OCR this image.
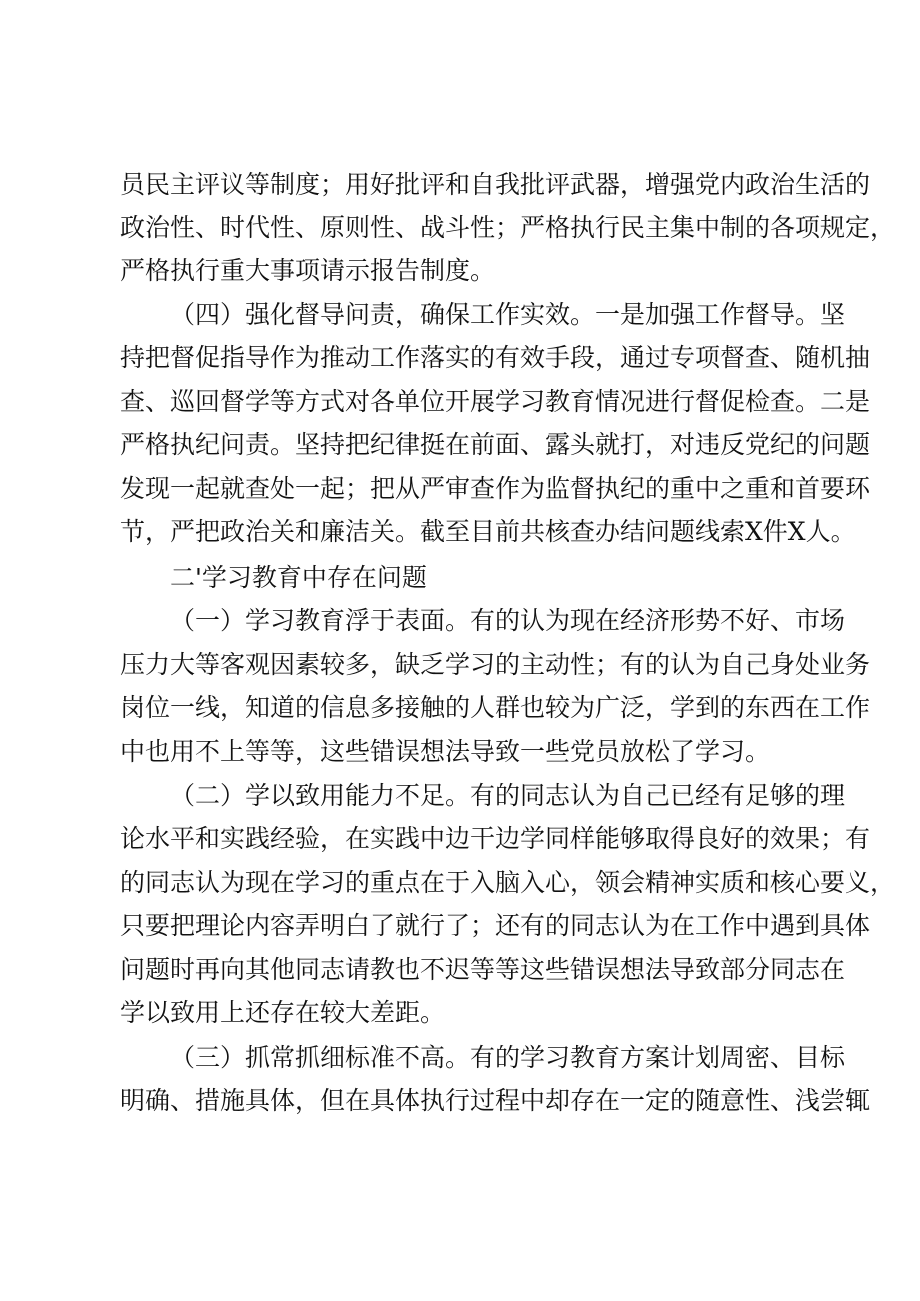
员民主评议等制度；用好批评和自我批评武器，增强党内政治生活的
政治性、时代性、原则性、战斗性；严格执行民主集中制的各项规定，
严格执行重大事项请示报告制度。
（四）强化督导问责，确保工作实效。一是加强工作督导。坚
持把督促指导作为推动工作落实的有效手段，通过专项督查、随机抽
查、巡回督学等方式对各单位开展学习教育情况进行督促检查。二是
严格执纪问责。坚持把纪律挺在前面、露头就打，对违反党纪的问题
发现一起就查处一起；把从严审查作为监督执纪的重中之重和首要环
节，严把政治关和廉洁关。截至目前共核查办结问题线索X件X人。
二'学习教育中存在问题
（一）学习教育浮于表面。有的认为现在经济形势不好、市场
压力大等客观因素较多，缺乏学习的主动性；有的认为自己身处业务
岗位一线，知道的信息多接触的人群也较为广泛，学到的东西在工作
中也用不上等等，这些错误想法导致一些党员放松了学习。
（二）学以致用能力不足。有的同志认为自己已经有足够的理
论水平和实践经验，在实践中边干边学同样能够取得良好的效果；有
的同志认为现在学习的重点在于入脑入心，领会精神实质和核心要义，
只要把理论内容弄明白了就行了；还有的同志认为在工作中遇到具体
问题时再向其他同志请教也不迟等等这些错误想法导致部分同志在
学以致用上还存在较大差距。
（三）抓常抓细标准不高。有的学习教育方案计划周密、目标
明确、措施具体，但在具体执行过程中却存在一定的随意性、浅尝辄
